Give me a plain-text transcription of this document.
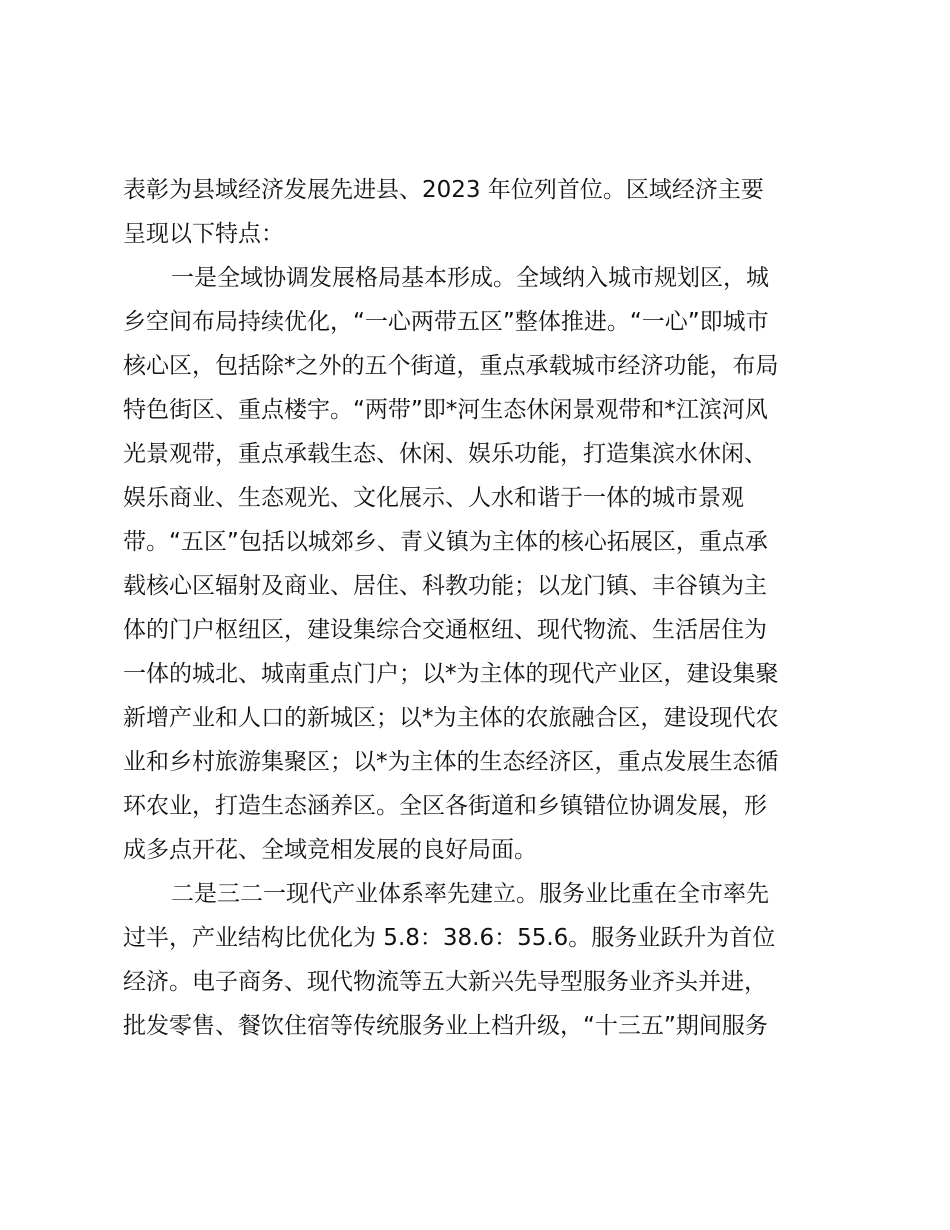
表彰为县域经济发展先进县、2023 年位列首位。区域经济主要
呈现以下特点：
一是全域协调发展格局基本形成。全域纳入城市规划区，城
乡空间布局持续优化，“一心两带五区”整体推进。“一心”即城市
核心区，包括除*之外的五个街道，重点承载城市经济功能，布局
特色街区、重点楼宇。“两带”即*河生态休闲景观带和*江滨河风
光景观带，重点承载生态、休闲、娱乐功能，打造集滨水休闲、
娱乐商业、生态观光、文化展示、人水和谐于一体的城市景观
带。“五区”包括以城郊乡、青义镇为主体的核心拓展区，重点承
载核心区辐射及商业、居住、科教功能；以龙门镇、丰谷镇为主
体的门户枢纽区，建设集综合交通枢纽、现代物流、生活居住为
一体的城北、城南重点门户；以*为主体的现代产业区，建设集聚
新增产业和人口的新城区；以*为主体的农旅融合区，建设现代农
业和乡村旅游集聚区；以*为主体的生态经济区，重点发展生态循
环农业，打造生态涵养区。全区各街道和乡镇错位协调发展，形
成多点开花、全域竞相发展的良好局面。
二是三二一现代产业体系率先建立。服务业比重在全市率先
过半，产业结构比优化为 5.8：38.6：55.6。服务业跃升为首位
经济。电子商务、现代物流等五大新兴先导型服务业齐头并进，
批发零售、餐饮住宿等传统服务业上档升级，“十三五”期间服务
